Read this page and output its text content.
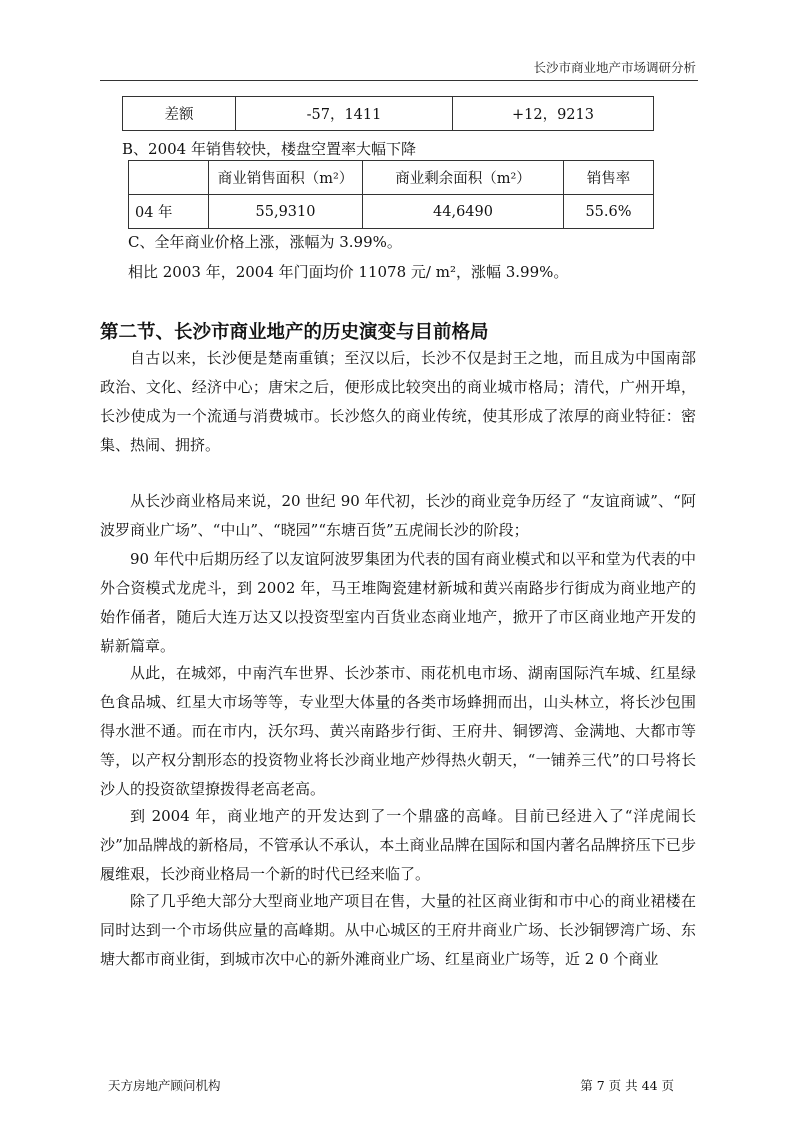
长沙市商业地产市场调研分析
差额	-57，1411	+12，9213
B、2004 年销售较快，楼盘空置率大幅下降
	商业销售面积（m²）	商业剩余面积（m²）	销售率
04 年	55,9310	44,6490	55.6%
C、全年商业价格上涨，涨幅为 3.99%。
相比 2003 年，2004 年门面均价 11078 元/ m²，涨幅 3.99%。
第二节、长沙市商业地产的历史演变与目前格局

自古以来，长沙便是楚南重镇；至汉以后，长沙不仅是封王之地，而且成为中国南部政治、文化、经济中心；唐宋之后，便形成比较突出的商业城市格局；清代，广州开埠，长沙使成为一个流通与消费城市。长沙悠久的商业传统，使其形成了浓厚的商业特征：密集、热闹、拥挤。

从长沙商业格局来说，20 世纪 90 年代初，长沙的商业竞争历经了 “友谊商诚”、“阿波罗商业广场”、“中山”、“晓园”“东塘百货”五虎闹长沙的阶段；

90 年代中后期历经了以友谊阿波罗集团为代表的国有商业模式和以平和堂为代表的中外合资模式龙虎斗，到 2002 年，马王堆陶瓷建材新城和黄兴南路步行街成为商业地产的始作俑者，随后大连万达又以投资型室内百货业态商业地产，掀开了市区商业地产开发的崭新篇章。

从此，在城郊，中南汽车世界、长沙茶市、雨花机电市场、湖南国际汽车城、红星绿色食品城、红星大市场等等，专业型大体量的各类市场蜂拥而出，山头林立，将长沙包围得水泄不通。而在市内，沃尔玛、黄兴南路步行街、王府井、铜锣湾、金满地、大都市等等，以产权分割形态的投资物业将长沙商业地产炒得热火朝天，“一铺养三代”的口号将长沙人的投资欲望撩拨得老高老高。

到 2004 年，商业地产的开发达到了一个鼎盛的高峰。目前已经进入了“洋虎闹长沙”加品牌战的新格局，不管承认不承认，本土商业品牌在国际和国内著名品牌挤压下已步履维艰，长沙商业格局一个新的时代已经来临了。

除了几乎绝大部分大型商业地产项目在售，大量的社区商业街和市中心的商业裙楼在同时达到一个市场供应量的高峰期。从中心城区的王府井商业广场、长沙铜锣湾广场、东塘大都市商业街，到城市次中心的新外滩商业广场、红星商业广场等，近 2 0 个商业

天方房地产顾问机构	第 7 页 共 44 页
